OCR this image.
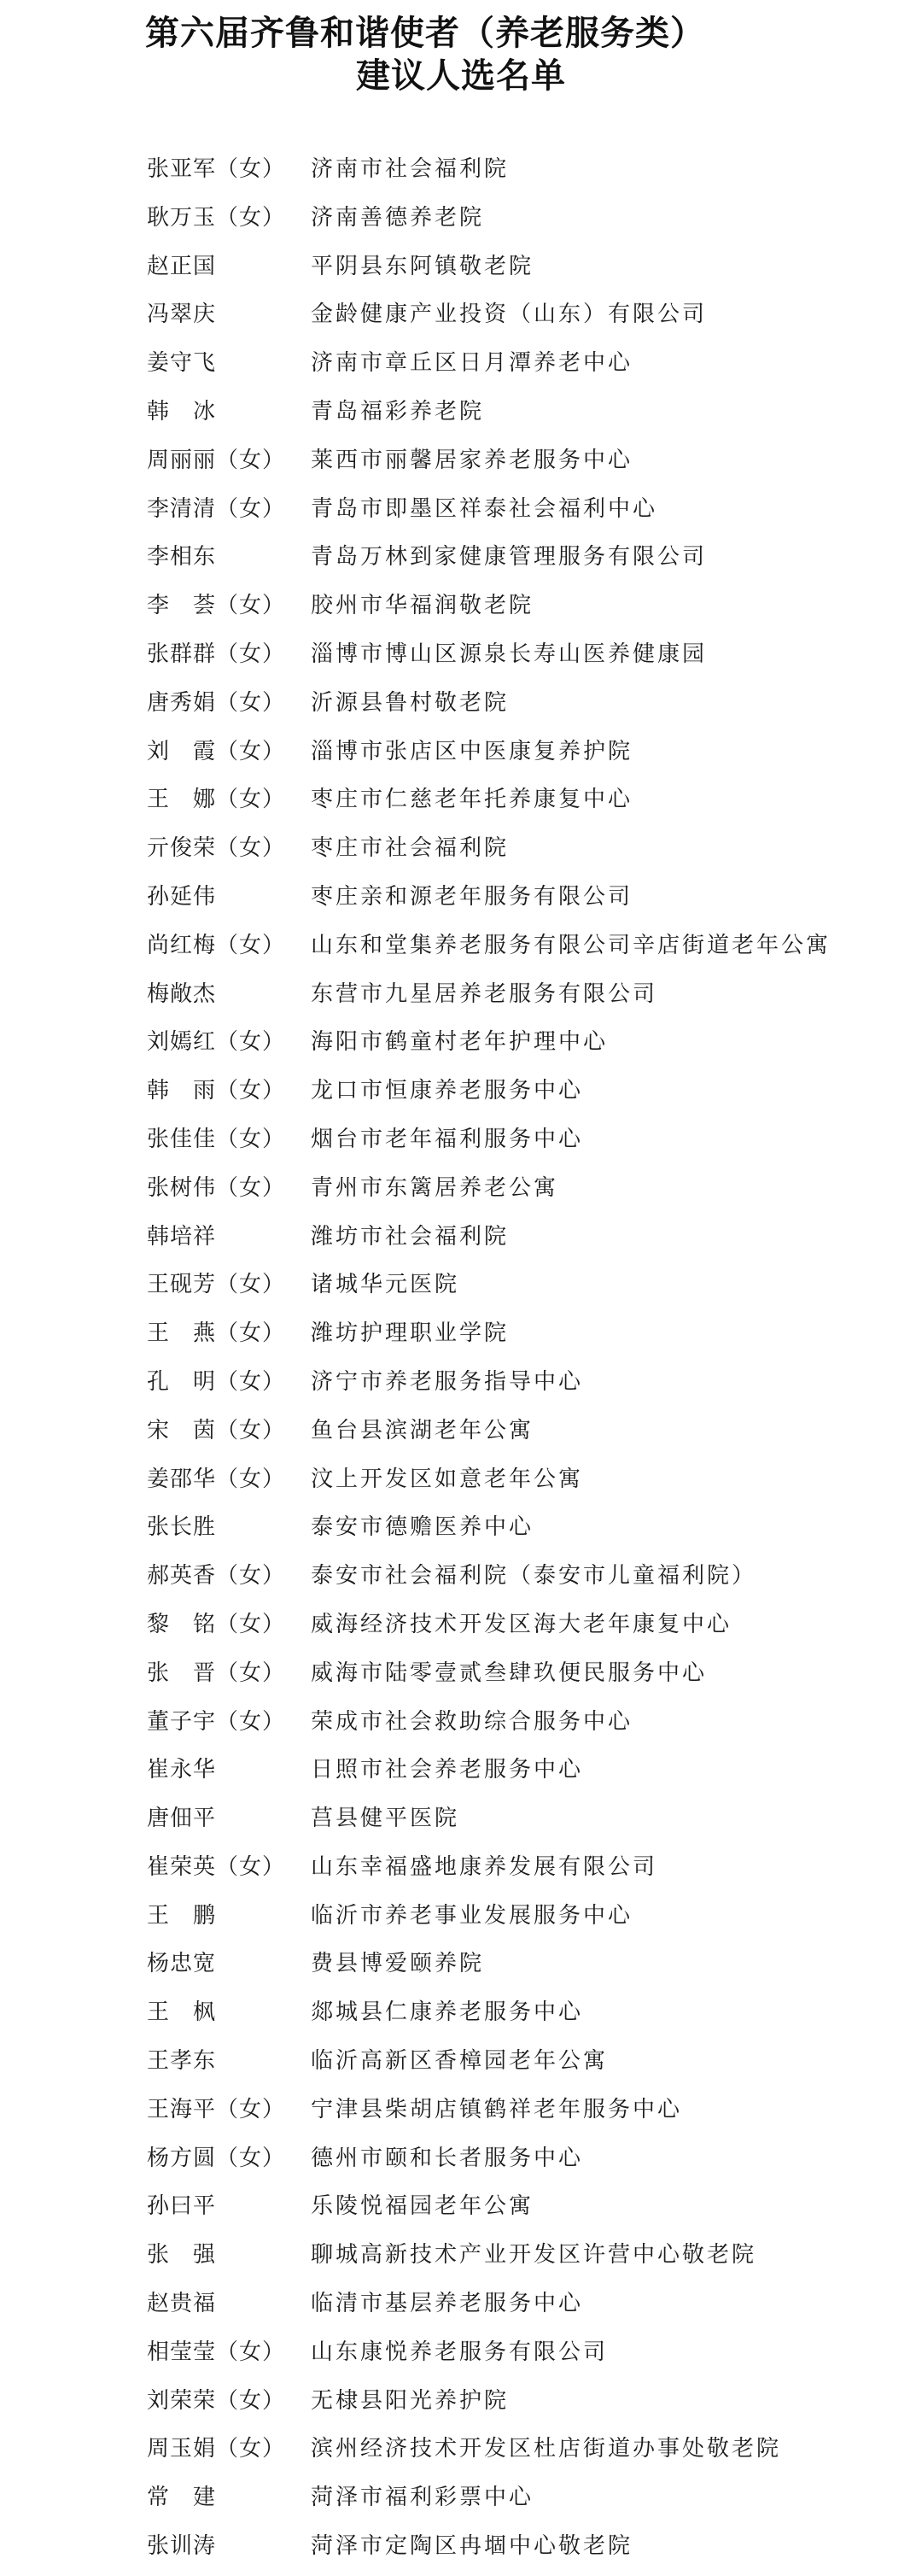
第六届齐鲁和谐使者（养老服务类）
建议人选名单
张亚军（女）	济南市社会福利院
耿万玉（女）	济南善德养老院
赵正国	平阴县东阿镇敬老院
冯翠庆	金龄健康产业投资（山东）有限公司
姜守飞	济南市章丘区日月潭养老中心
韩　冰	青岛福彩养老院
周丽丽（女）	莱西市丽馨居家养老服务中心
李清清（女）	青岛市即墨区祥泰社会福利中心
李相东	青岛万林到家健康管理服务有限公司
李　荟（女）	胶州市华福润敬老院
张群群（女）	淄博市博山区源泉长寿山医养健康园
唐秀娟（女）	沂源县鲁村敬老院
刘　霞（女）	淄博市张店区中医康复养护院
王　娜（女）	枣庄市仁慈老年托养康复中心
亓俊荣（女）	枣庄市社会福利院
孙延伟	枣庄亲和源老年服务有限公司
尚红梅（女）	山东和堂集养老服务有限公司辛店街道老年公寓
梅敞杰	东营市九星居养老服务有限公司
刘嫣红（女）	海阳市鹤童村老年护理中心
韩　雨（女）	龙口市恒康养老服务中心
张佳佳（女）	烟台市老年福利服务中心
张树伟（女）	青州市东篱居养老公寓
韩培祥	潍坊市社会福利院
王砚芳（女）	诸城华元医院
王　燕（女）	潍坊护理职业学院
孔　明（女）	济宁市养老服务指导中心
宋　茵（女）	鱼台县滨湖老年公寓
姜邵华（女）	汶上开发区如意老年公寓
张长胜	泰安市德赡医养中心
郝英香（女）	泰安市社会福利院（泰安市儿童福利院）
黎　铭（女）	威海经济技术开发区海大老年康复中心
张　晋（女）	威海市陆零壹贰叁肆玖便民服务中心
董子宇（女）	荣成市社会救助综合服务中心
崔永华	日照市社会养老服务中心
唐佃平	莒县健平医院
崔荣英（女）	山东幸福盛地康养发展有限公司
王　鹏	临沂市养老事业发展服务中心
杨忠宽	费县博爱颐养院
王　枫	郯城县仁康养老服务中心
王孝东	临沂高新区香樟园老年公寓
王海平（女）	宁津县柴胡店镇鹤祥老年服务中心
杨方圆（女）	德州市颐和长者服务中心
孙曰平	乐陵悦福园老年公寓
张　强	聊城高新技术产业开发区许营中心敬老院
赵贵福	临清市基层养老服务中心
相莹莹（女）	山东康悦养老服务有限公司
刘荣荣（女）	无棣县阳光养护院
周玉娟（女）	滨州经济技术开发区杜店街道办事处敬老院
常　建	菏泽市福利彩票中心
张训涛	菏泽市定陶区冉堌中心敬老院
